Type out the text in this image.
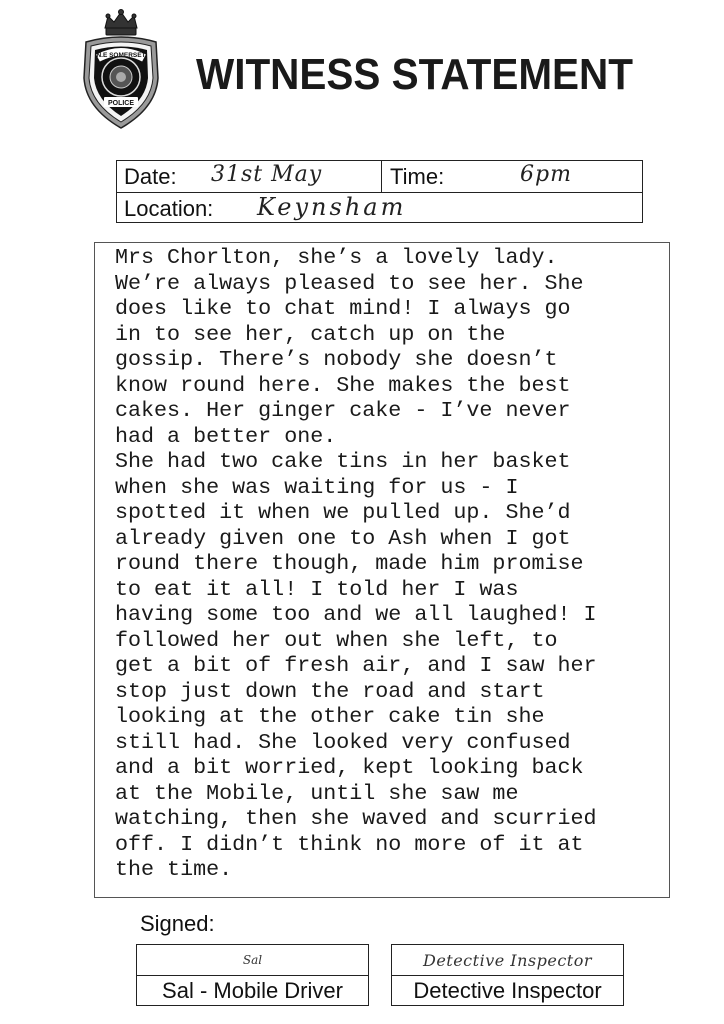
N.E SOMERSET
POLICE
WITNESS STATEMENT
Date: 31st May	Time:	6pm
Location: Keynsham
Mrs Chorlton, she’s a lovely lady.
We’re always pleased to see her. She
does like to chat mind! I always go
in to see her, catch up on the
gossip. There’s nobody she doesn’t
know round here. She makes the best
cakes. Her ginger cake - I’ve never
had a better one.
She had two cake tins in her basket
when she was waiting for us - I
spotted it when we pulled up. She’d
already given one to Ash when I got
round there though, made him promise
to eat it all! I told her I was
having some too and we all laughed! I
followed her out when she left, to
get a bit of fresh air, and I saw her
stop just down the road and start
looking at the other cake tin she
still had. She looked very confused
and a bit worried, kept looking back
at the Mobile, until she saw me
watching, then she waved and scurried
off. I didn’t think no more of it at
the time.
Signed:
Sal
Sal - Mobile Driver
Detective Inspector
Detective Inspector
